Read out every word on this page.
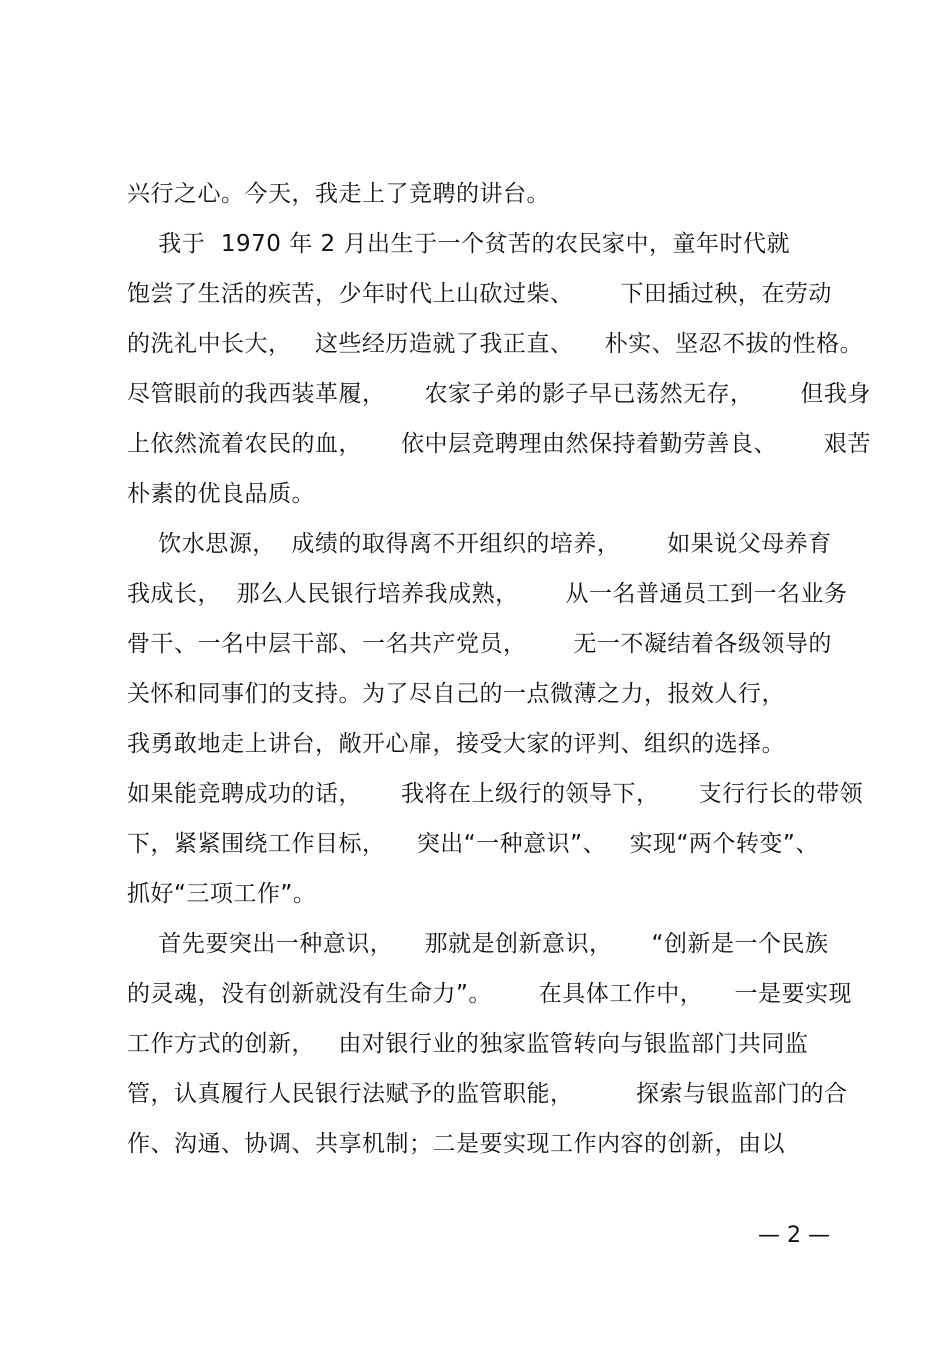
兴行之心。今天，我走上了竞聘的讲台。
我于  1970 年 2 月出生于一个贫苦的农民家中，童年时代就
饱尝了生活的疾苦，少年时代上山砍过柴、      下田插过秧，在劳动
的洗礼中长大，   这些经历造就了我正直、    朴实、坚忍不拔的性格。
尽管眼前的我西装革履，     农家子弟的影子早已荡然无存，      但我身
上依然流着农民的血，     依中层竞聘理由然保持着勤劳善良、      艰苦
朴素的优良品质。
饮水思源，  成绩的取得离不开组织的培养，      如果说父母养育
我成长，  那么人民银行培养我成熟，      从一名普通员工到一名业务
骨干、一名中层干部、一名共产党员，      无一不凝结着各级领导的
关怀和同事们的支持。为了尽自己的一点微薄之力，报效人行，
我勇敢地走上讲台，敞开心扉，接受大家的评判、组织的选择。
如果能竞聘成功的话，     我将在上级行的领导下，     支行行长的带领
下，紧紧围绕工作目标，    突出“一种意识”、   实现“两个转变”、
抓好“三项工作”。
首先要突出一种意识，    那就是创新意识，     “创新是一个民族
的灵魂，没有创新就没有生命力”。      在具体工作中，    一是要实现
工作方式的创新，   由对银行业的独家监管转向与银监部门共同监
管，认真履行人民银行法赋予的监管职能，        探索与银监部门的合
作、沟通、协调、共享机制；二是要实现工作内容的创新，由以
— 2 —
